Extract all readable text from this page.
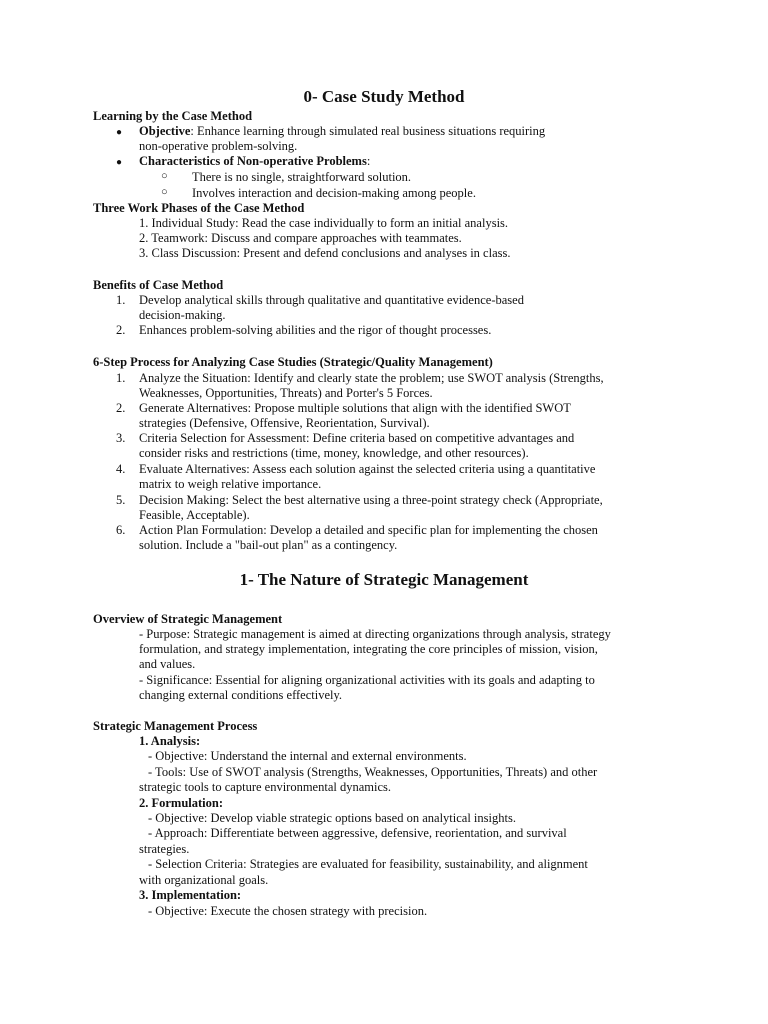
0- Case Study Method
Learning by the Case Method
● Objective: Enhance learning through simulated real business situations requiring
non-operative problem-solving.
● Characteristics of Non-operative Problems:
○ There is no single, straightforward solution.
○ Involves interaction and decision-making among people.
Three Work Phases of the Case Method
1. Individual Study: Read the case individually to form an initial analysis.
2. Teamwork: Discuss and compare approaches with teammates.
3. Class Discussion: Present and defend conclusions and analyses in class.
Benefits of Case Method
1. Develop analytical skills through qualitative and quantitative evidence-based
decision-making.
2. Enhances problem-solving abilities and the rigor of thought processes.
6-Step Process for Analyzing Case Studies (Strategic/Quality Management)
1. Analyze the Situation: Identify and clearly state the problem; use SWOT analysis (Strengths,
Weaknesses, Opportunities, Threats) and Porter's 5 Forces.
2. Generate Alternatives: Propose multiple solutions that align with the identified SWOT
strategies (Defensive, Offensive, Reorientation, Survival).
3. Criteria Selection for Assessment: Define criteria based on competitive advantages and
consider risks and restrictions (time, money, knowledge, and other resources).
4. Evaluate Alternatives: Assess each solution against the selected criteria using a quantitative
matrix to weigh relative importance.
5. Decision Making: Select the best alternative using a three-point strategy check (Appropriate,
Feasible, Acceptable).
6. Action Plan Formulation: Develop a detailed and specific plan for implementing the chosen
solution. Include a "bail-out plan" as a contingency.
1- The Nature of Strategic Management
Overview of Strategic Management
- Purpose: Strategic management is aimed at directing organizations through analysis, strategy
formulation, and strategy implementation, integrating the core principles of mission, vision,
and values.
- Significance: Essential for aligning organizational activities with its goals and adapting to
changing external conditions effectively.
Strategic Management Process
1. Analysis:
- Objective: Understand the internal and external environments.
- Tools: Use of SWOT analysis (Strengths, Weaknesses, Opportunities, Threats) and other
strategic tools to capture environmental dynamics.
2. Formulation:
- Objective: Develop viable strategic options based on analytical insights.
- Approach: Differentiate between aggressive, defensive, reorientation, and survival
strategies.
- Selection Criteria: Strategies are evaluated for feasibility, sustainability, and alignment
with organizational goals.
3. Implementation:
- Objective: Execute the chosen strategy with precision.
